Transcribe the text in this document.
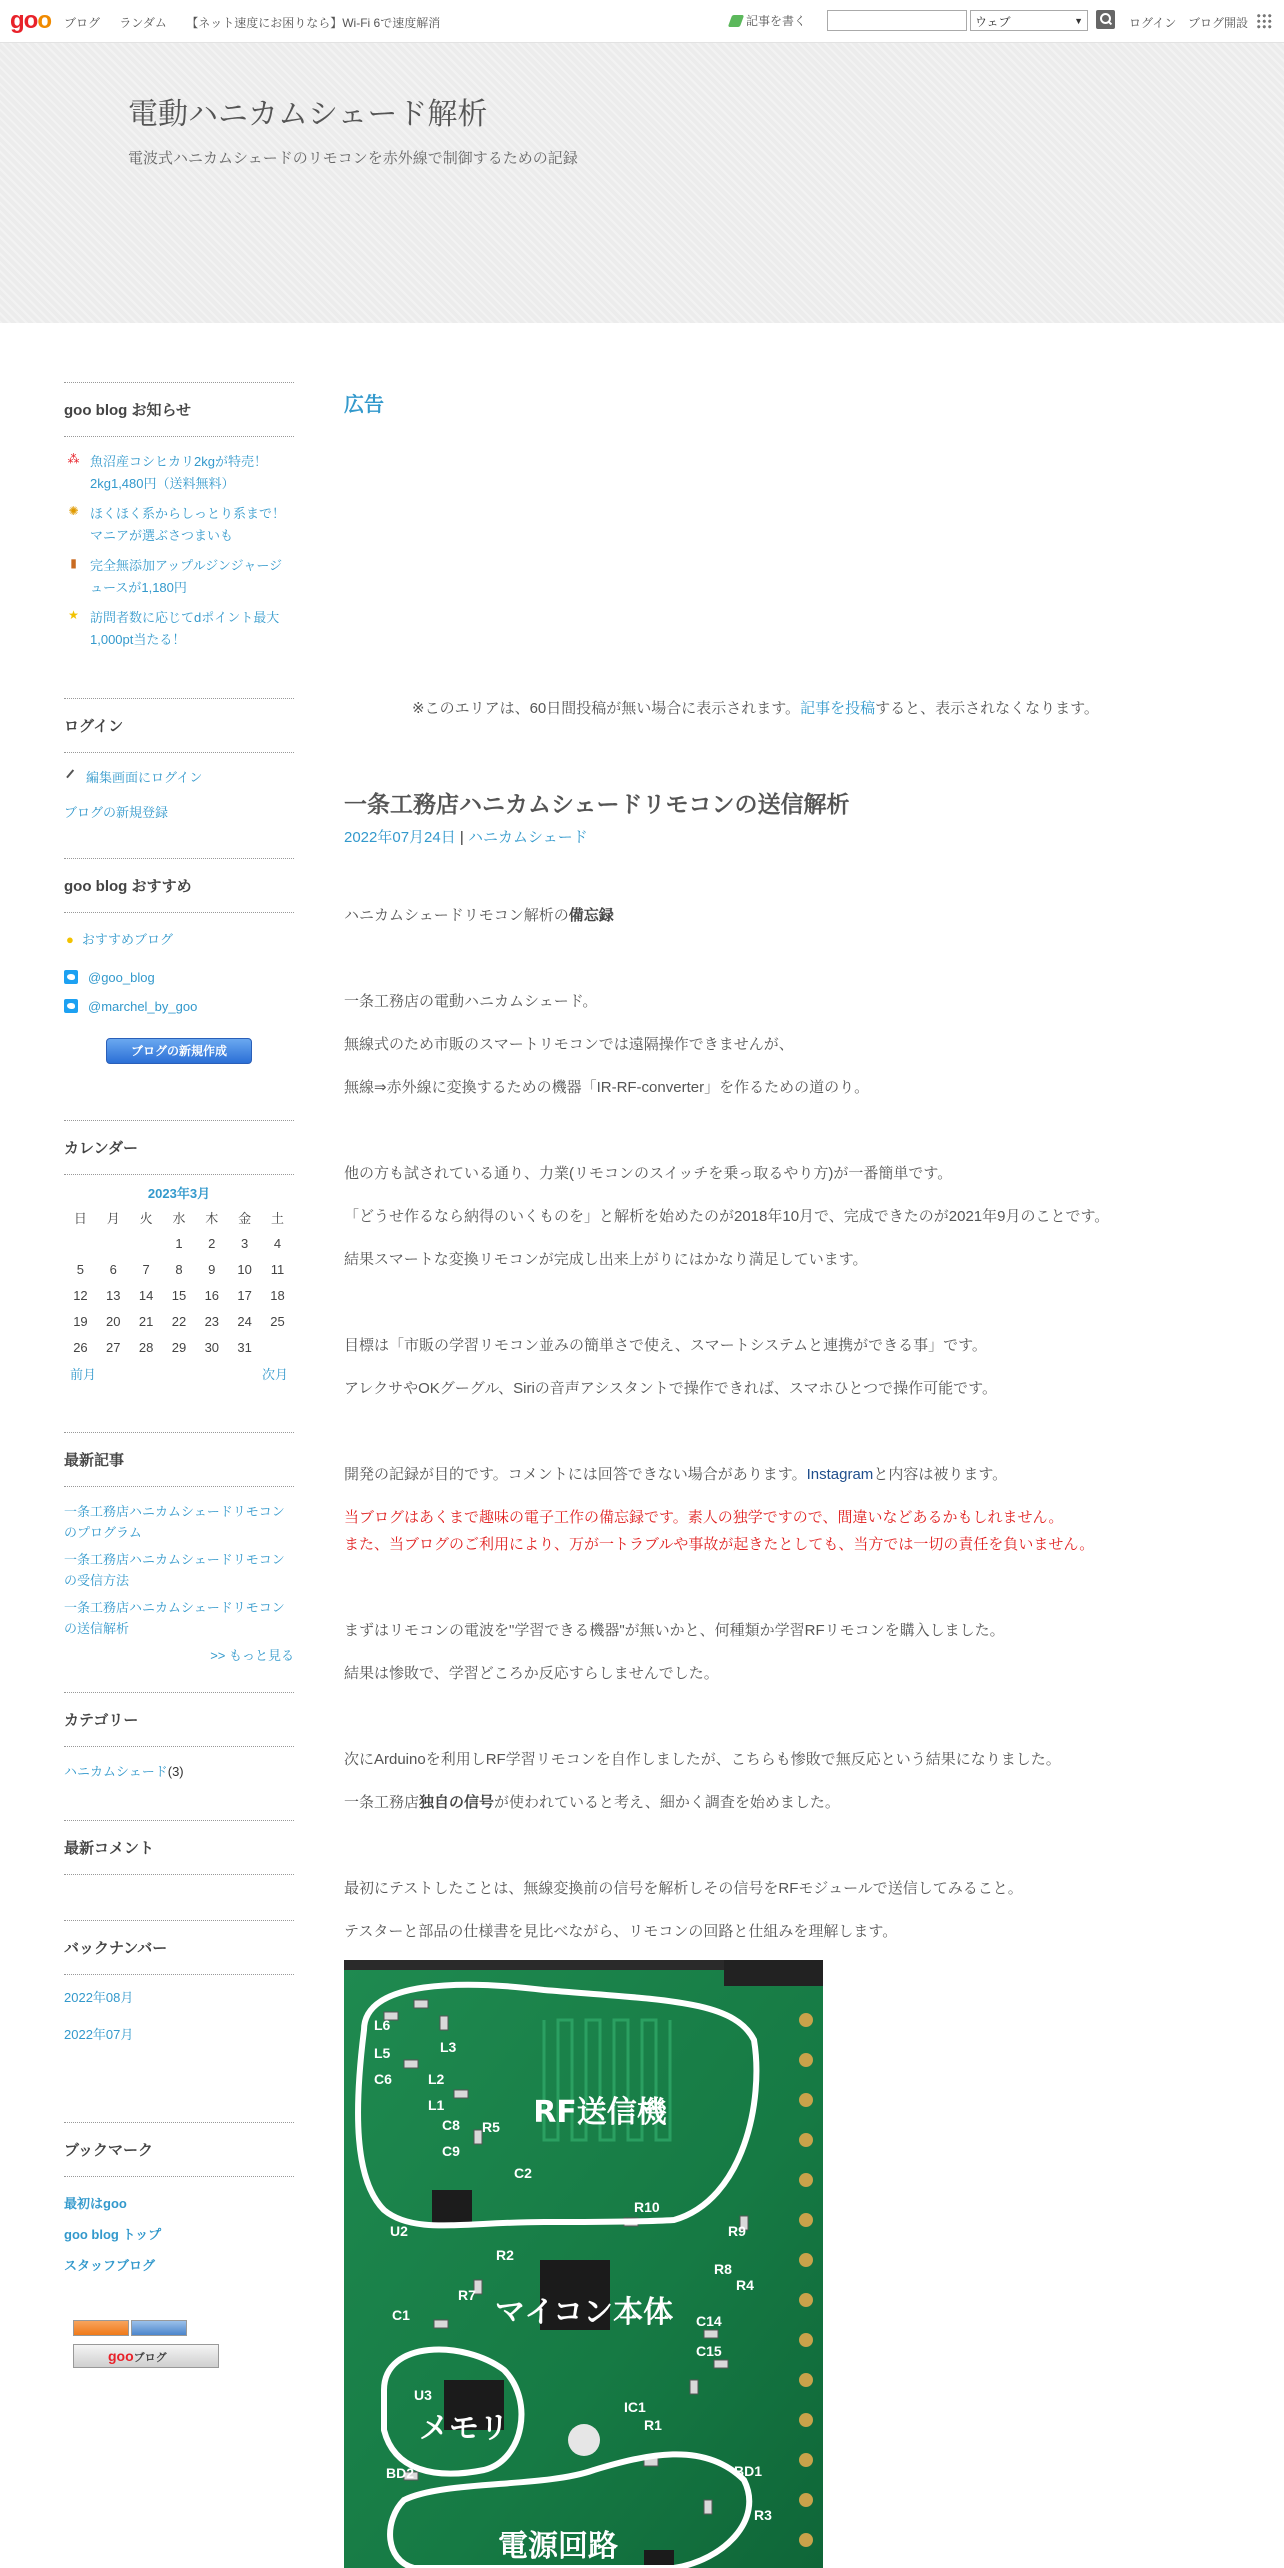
goo ブログ ランダム 【ネット速度にお困りなら】Wi-Fi 6で速度解消	記事を書く	ウェブ	▼	ログイン ブログ開設
電動ハニカムシェード解析
電波式ハニカムシェードのリモコンを赤外線で制御するための記録
goo blog お知らせ
⁂ 魚沼産コシヒカリ2kgが特売！2kg1,480円（送料無料）
✺ ほくほく系からしっとり系まで！マニアが選ぶさつまいも
▮ 完全無添加アップルジンジャージュースが1,180円
★ 訪問者数に応じてdポイント最大1,000pt当たる！
ログイン
編集画面にログイン
ブログの新規登録
goo blog おすすめ
● おすすめブログ
@goo_blog
@marchel_by_goo
ブログの新規作成
カレンダー
2023年3月
日	月	火	水	木	金	土
			1	2	3	4
5	6	7	8	9	10	11
12	13	14	15	16	17	18
19	20	21	22	23	24	25
26	27	28	29	30	31	
前月	次月
最新記事
一条工務店ハニカムシェードリモコンのプログラム
一条工務店ハニカムシェードリモコンの受信方法
一条工務店ハニカムシェードリモコンの送信解析
>> もっと見る
カテゴリー
ハニカムシェード(3)
最新コメント
バックナンバー
2022年08月
2022年07月
ブックマーク
最初はgoo
goo blog トップ
スタッフブログ
gooブログ
広告
※このエリアは、60日間投稿が無い場合に表示されます。記事を投稿すると、表示されなくなります。
一条工務店ハニカムシェードリモコンの送信解析
2022年07月24日 | ハニカムシェード
ハニカムシェードリモコン解析の備忘録
一条工務店の電動ハニカムシェード。
無線式のため市販のスマートリモコンでは遠隔操作できませんが、
無線⇒赤外線に変換するための機器「IR-RF-converter」を作るための道のり。
他の方も試されている通り、力業(リモコンのスイッチを乗っ取るやり方)が一番簡単です。
「どうせ作るなら納得のいくものを」と解析を始めたのが2018年10月で、完成できたのが2021年9月のことです。
結果スマートな変換リモコンが完成し出来上がりにはかなり満足しています。
目標は「市販の学習リモコン並みの簡単さで使え、スマートシステムと連携ができる事」です。
アレクサやOKグーグル、Siriの音声アシスタントで操作できれば、スマホひとつで操作可能です。
開発の記録が目的です。コメントには回答できない場合があります。Instagramと内容は被ります。
当ブログはあくまで趣味の電子工作の備忘録です。素人の独学ですので、間違いなどあるかもしれません。
また、当ブログのご利用により、万が一トラブルや事故が起きたとしても、当方では一切の責任を負いません。
まずはリモコンの電波を"学習できる機器"が無いかと、何種類か学習RFリモコンを購入しました。
結果は惨敗で、学習どころか反応すらしませんでした。
次にArduinoを利用しRF学習リモコンを自作しましたが、こちらも惨敗で無反応という結果になりました。
一条工務店独自の信号が使われていると考え、細かく調査を始めました。
最初にテストしたことは、無線変換前の信号を解析しその信号をRFモジュールで送信してみること。
テスターと部品の仕様書を見比べながら、リモコンの回路と仕組みを理解します。
L6
L5	L3
C6	L2
L1
C8
C9
R5
C2
R10
R9
U2
R2
R8
R4
C1
R7
C14
C15
U3
IC1
R1
BD2	BD1
R3
RF送信機
マイコン本体
メモリ
電源回路
